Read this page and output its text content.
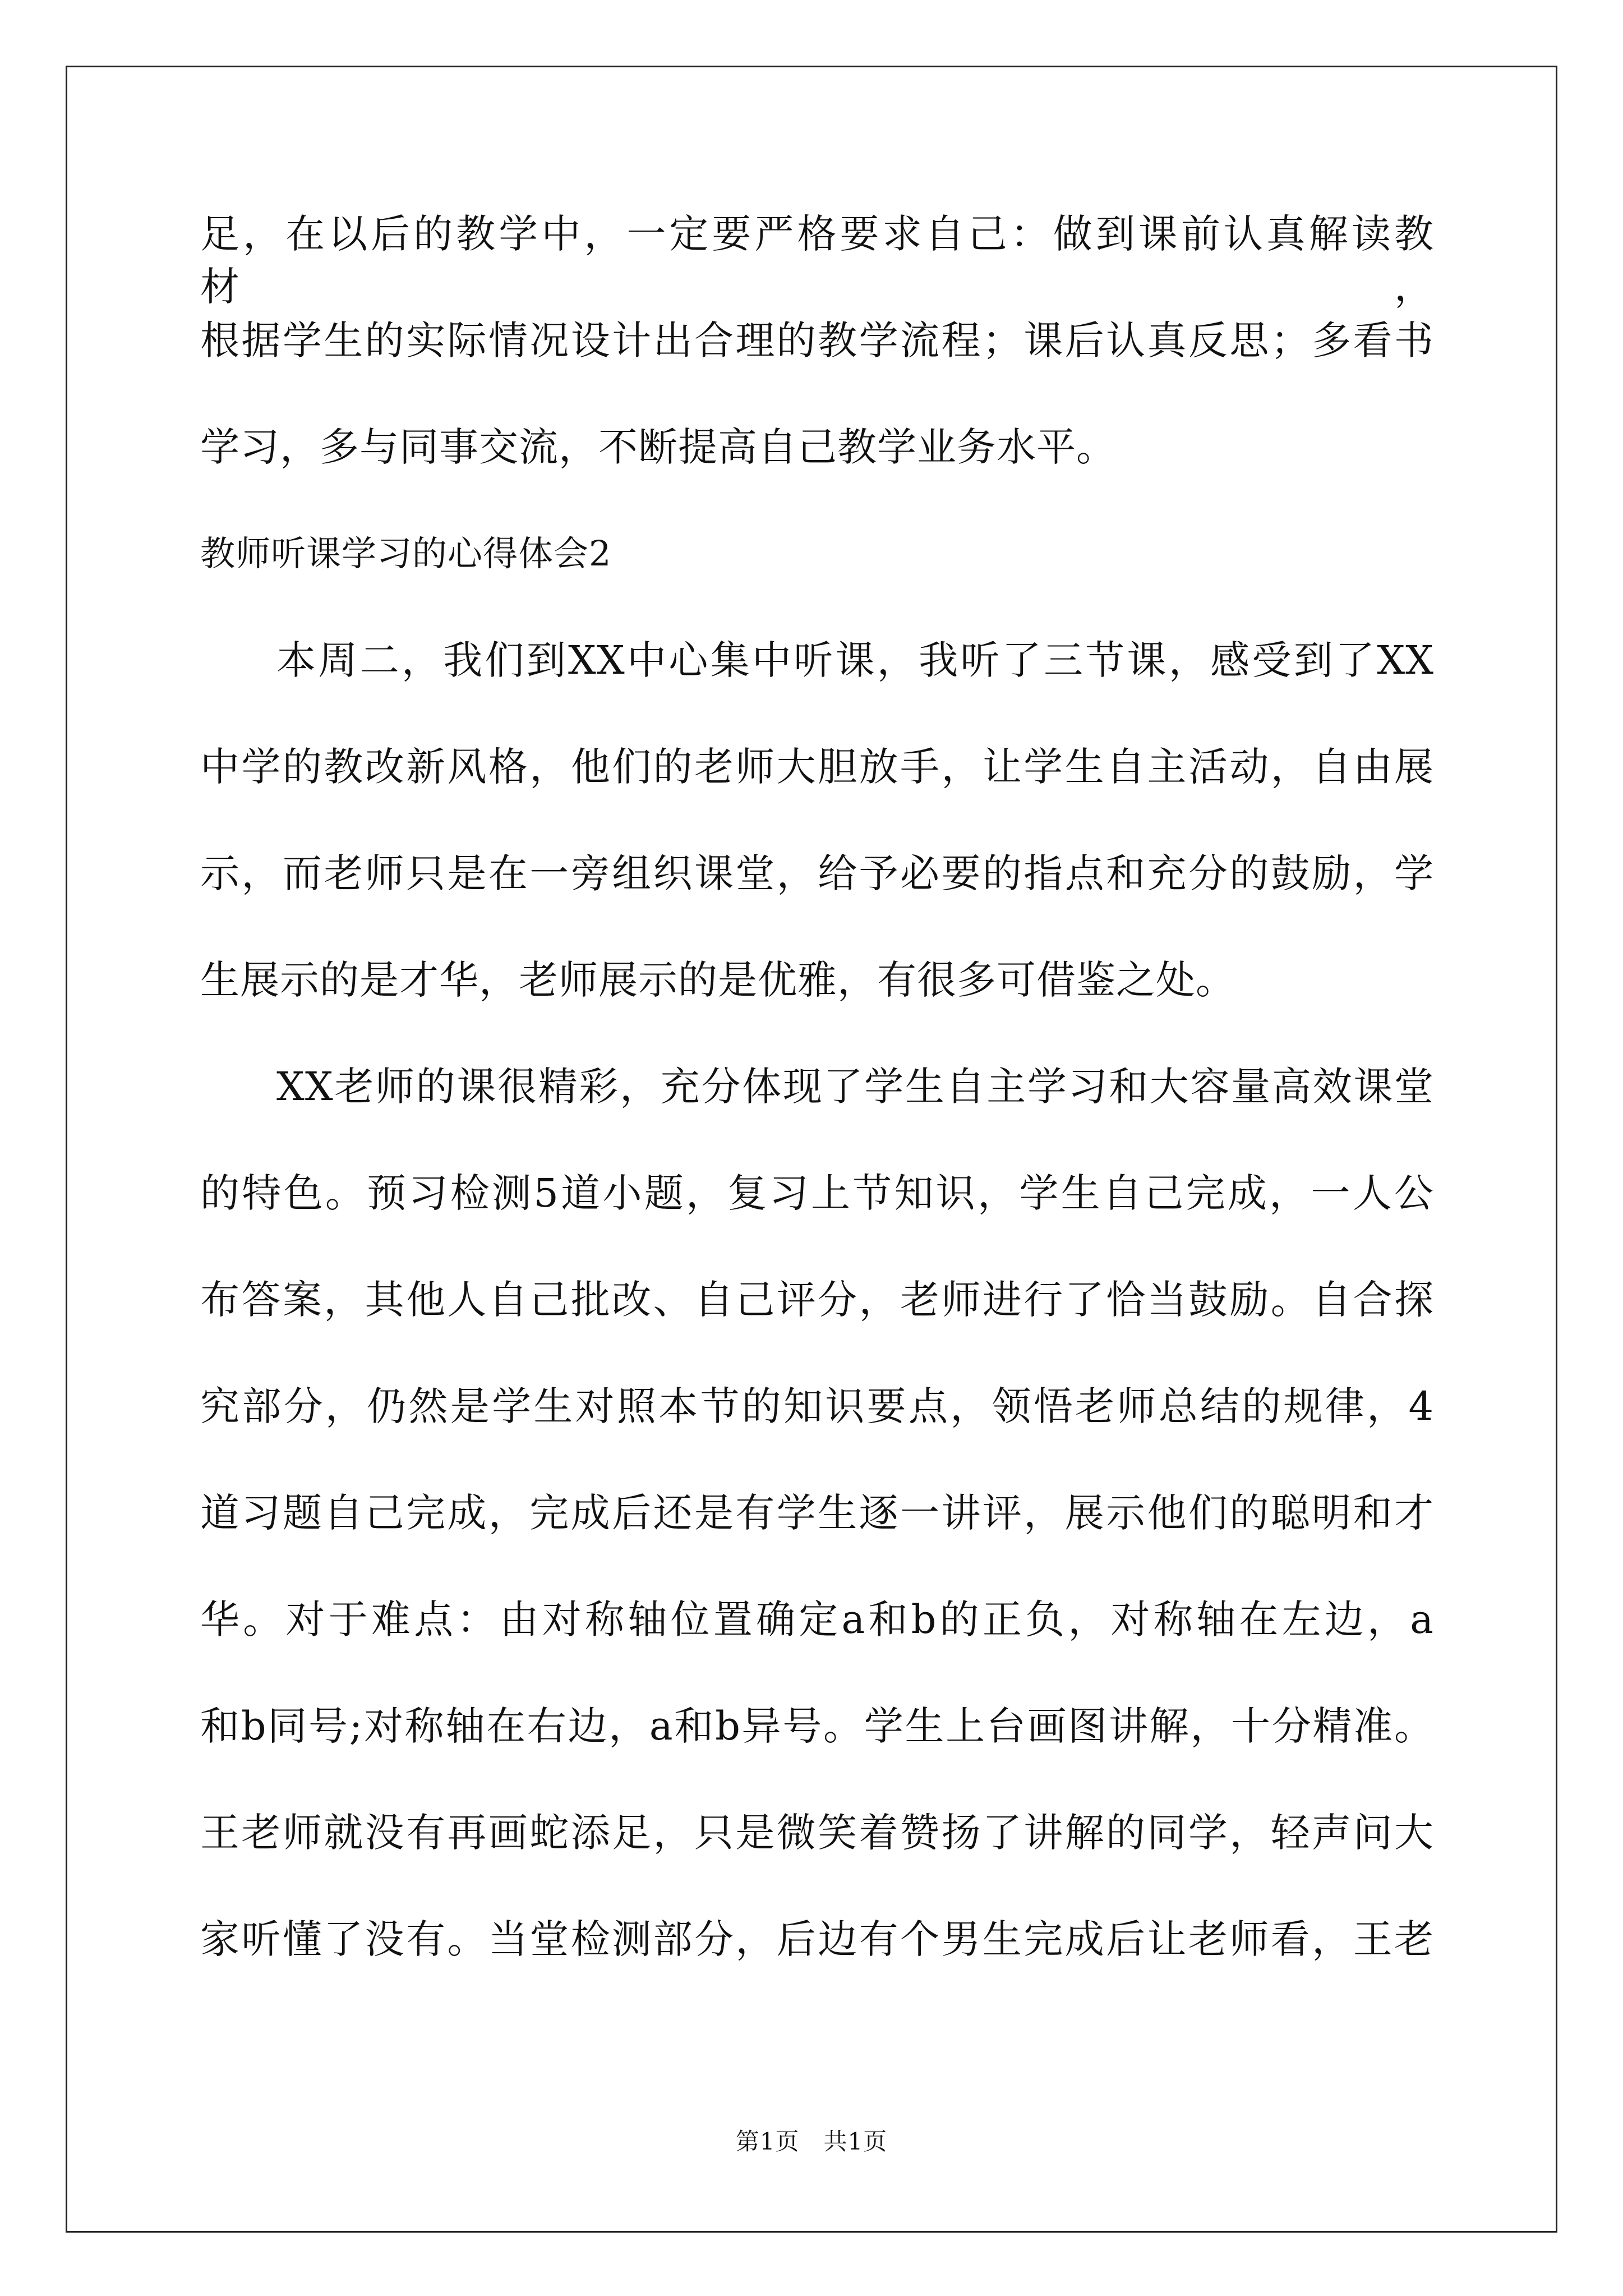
足，在以后的教学中，一定要严格要求自己：做到课前认真解读教材，
根据学生的实际情况设计出合理的教学流程；课后认真反思；多看书
学习，多与同事交流，不断提高自己教学业务水平。
教师听课学习的心得体会2
本周二，我们到XX中心集中听课，我听了三节课，感受到了XX
中学的教改新风格，他们的老师大胆放手，让学生自主活动，自由展
示，而老师只是在一旁组织课堂，给予必要的指点和充分的鼓励，学
生展示的是才华，老师展示的是优雅，有很多可借鉴之处。
XX老师的课很精彩，充分体现了学生自主学习和大容量高效课堂
的特色。预习检测5道小题，复习上节知识，学生自己完成，一人公
布答案，其他人自己批改、自己评分，老师进行了恰当鼓励。自合探
究部分，仍然是学生对照本节的知识要点，领悟老师总结的规律，4
道习题自己完成，完成后还是有学生逐一讲评，展示他们的聪明和才
华。对于难点：由对称轴位置确定a和b的正负，对称轴在左边，a
和b同号;对称轴在右边，a和b异号。学生上台画图讲解，十分精准。
王老师就没有再画蛇添足，只是微笑着赞扬了讲解的同学，轻声问大
家听懂了没有。当堂检测部分，后边有个男生完成后让老师看，王老
第1页　共1页
